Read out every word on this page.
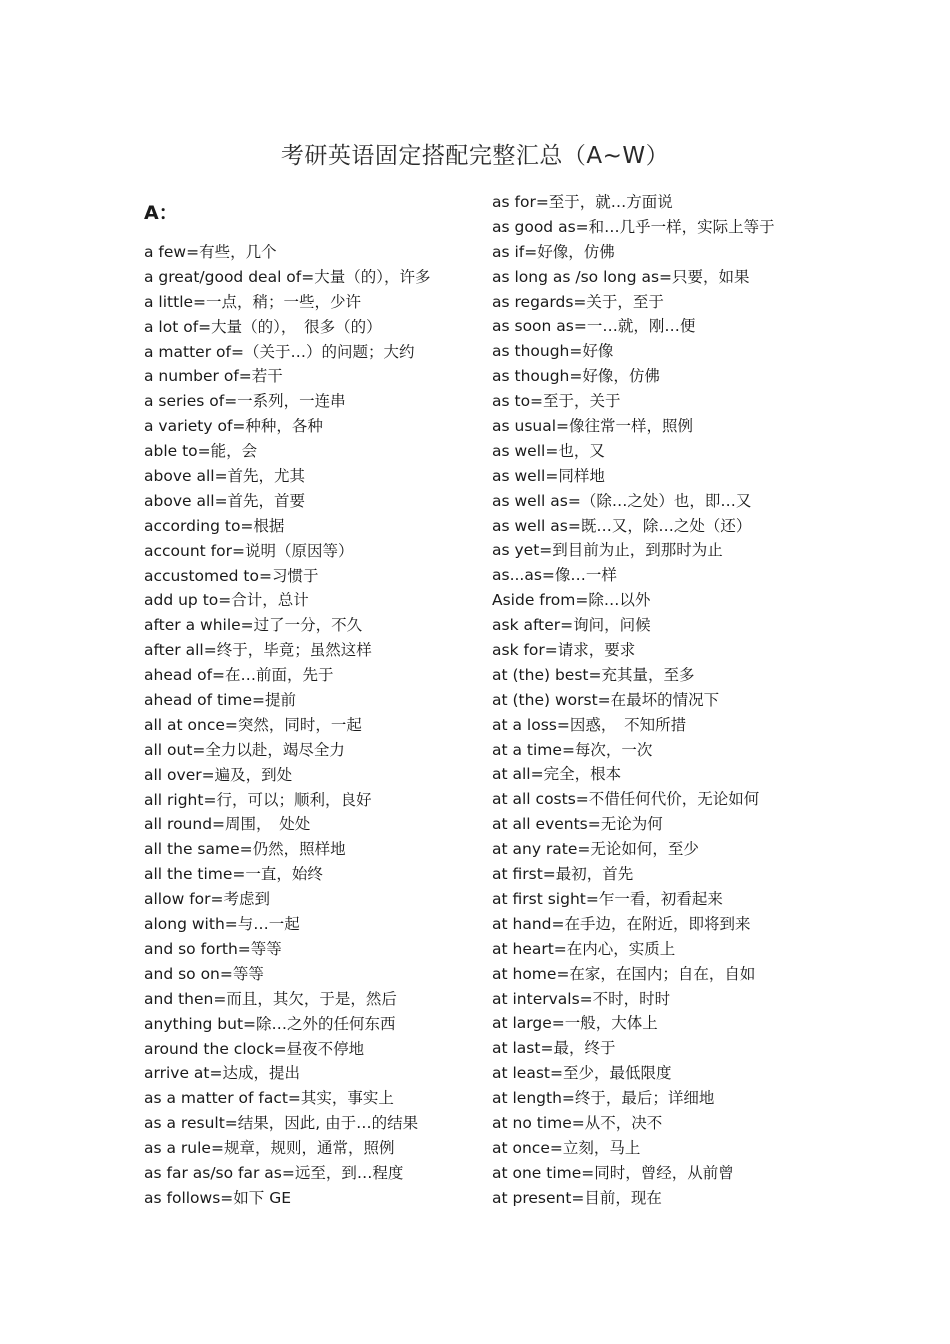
考研英语固定搭配完整汇总（A~W）
A：
a few=有些，几个
a great/good deal of=大量（的），许多
a little=一点，稍；一些，少许
a lot of=大量（的），　很多（的）
a matter of=（关于…）的问题；大约
a number of=若干
a series of=一系列，一连串
a variety of=种种，各种
able to=能，会
above all=首先，尤其
above all=首先，首要
according to=根据
account for=说明（原因等）
accustomed to=习惯于
add up to=合计，总计
after a while=过了一分，不久
after all=终于，毕竟；虽然这样
ahead of=在…前面，先于
ahead of time=提前
all at once=突然，同时，一起
all out=全力以赴，竭尽全力
all over=遍及，到处
all right=行，可以；顺利，良好
all round=周围，　处处
all the same=仍然，照样地
all the time=一直，始终
allow for=考虑到
along with=与…一起
and so forth=等等
and so on=等等
and then=而且，其欠，于是，然后
anything but=除…之外的任何东西
around the clock=昼夜不停地
arrive at=达成，提出
as a matter of fact=其实，事实上
as a result=结果，因此, 由于…的结果
as a rule=规章，规则，通常，照例
as far as/so far as=远至，到…程度
as follows=如下 GE
as for=至于，就…方面说
as good as=和…几乎一样，实际上等于
as if=好像，仿佛
as long as /so long as=只要，如果
as regards=关于，至于
as soon as=一…就，刚…便
as though=好像
as though=好像，仿佛
as to=至于，关于
as usual=像往常一样，照例
as well=也，又
as well=同样地
as well as=（除…之处）也，即…又
as well as=既…又，除…之处（还）
as yet=到目前为止，到那时为止
as...as=像…一样
Aside from=除…以外
ask after=询问，问候
ask for=请求，要求
at (the) best=充其量，至多
at (the) worst=在最坏的情况下
at a loss=因惑，　不知所措
at a time=每次，一次
at all=完全，根本
at all costs=不借任何代价，无论如何
at all events=无论为何
at any rate=无论如何，至少
at first=最初，首先
at first sight=乍一看，初看起来
at hand=在手边，在附近，即将到来
at heart=在内心，实质上
at home=在家，在国内；自在，自如
at intervals=不时，时时
at large=一般，大体上
at last=最，终于
at least=至少，最低限度
at length=终于，最后；详细地
at no time=从不，决不
at once=立刻，马上
at one time=同时，曾经，从前曾
at present=目前，现在
